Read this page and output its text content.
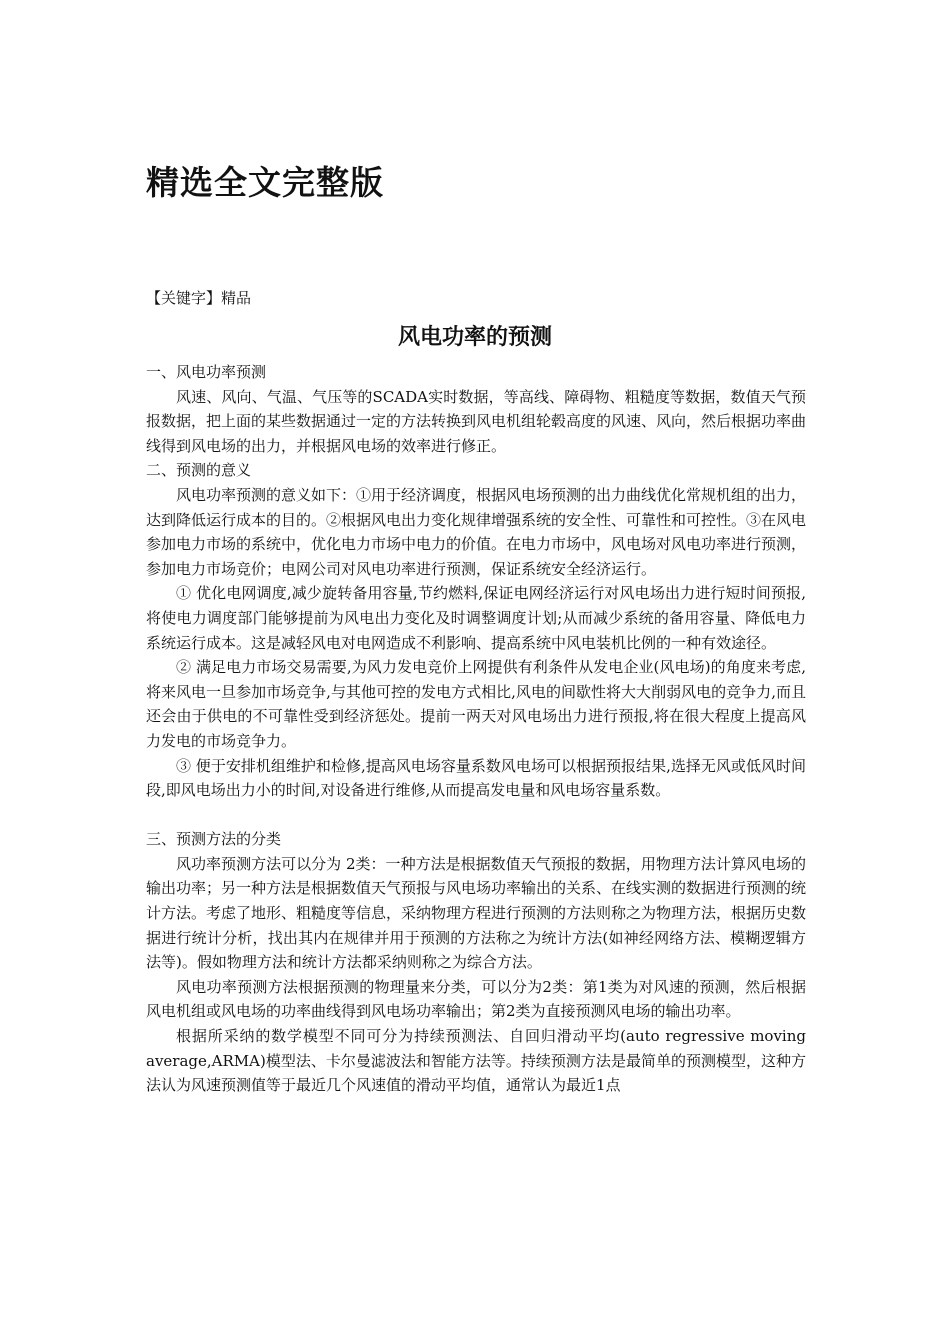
精选全文完整版

【关键字】精品

风电功率的预测

一、风电功率预测

风速、风向、气温、气压等的SCADA实时数据，等高线、障碍物、粗糙度等数据，数值天气预报数据，把上面的某些数据通过一定的方法转换到风电机组轮毂高度的风速、风向，然后根据功率曲线得到风电场的出力，并根据风电场的效率进行修正。

二、预测的意义

风电功率预测的意义如下：①用于经济调度，根据风电场预测的出力曲线优化常规机组的出力，达到降低运行成本的目的。②根据风电出力变化规律增强系统的安全性、可靠性和可控性。③在风电参加电力市场的系统中，优化电力市场中电力的价值。在电力市场中，风电场对风电功率进行预测，参加电力市场竞价；电网公司对风电功率进行预测，保证系统安全经济运行。

① 优化电网调度,减少旋转备用容量,节约燃料,保证电网经济运行对风电场出力进行短时间预报,将使电力调度部门能够提前为风电出力变化及时调整调度计划;从而减少系统的备用容量、降低电力系统运行成本。这是减轻风电对电网造成不利影响、提高系统中风电装机比例的一种有效途径。

② 满足电力市场交易需要,为风力发电竞价上网提供有利条件从发电企业(风电场)的角度来考虑,将来风电一旦参加市场竞争,与其他可控的发电方式相比,风电的间歇性将大大削弱风电的竞争力,而且还会由于供电的不可靠性受到经济惩处。提前一两天对风电场出力进行预报,将在很大程度上提高风力发电的市场竞争力。

③ 便于安排机组维护和检修,提高风电场容量系数风电场可以根据预报结果,选择无风或低风时间段,即风电场出力小的时间,对设备进行维修,从而提高发电量和风电场容量系数。

三、预测方法的分类

风功率预测方法可以分为 2类：一种方法是根据数值天气预报的数据，用物理方法计算风电场的输出功率；另一种方法是根据数值天气预报与风电场功率输出的关系、在线实测的数据进行预测的统计方法。考虑了地形、粗糙度等信息，采纳物理方程进行预测的方法则称之为物理方法，根据历史数据进行统计分析，找出其内在规律并用于预测的方法称之为统计方法(如神经网络方法、模糊逻辑方法等)。假如物理方法和统计方法都采纳则称之为综合方法。

风电功率预测方法根据预测的物理量来分类，可以分为2类：第1类为对风速的预测，然后根据风电机组或风电场的功率曲线得到风电场功率输出；第2类为直接预测风电场的输出功率。

根据所采纳的数学模型不同可分为持续预测法、自回归滑动平均(auto regressive moving average,ARMA)模型法、卡尔曼滤波法和智能方法等。持续预测方法是最简单的预测模型，这种方法认为风速预测值等于最近几个风速值的滑动平均值，通常认为最近1点
